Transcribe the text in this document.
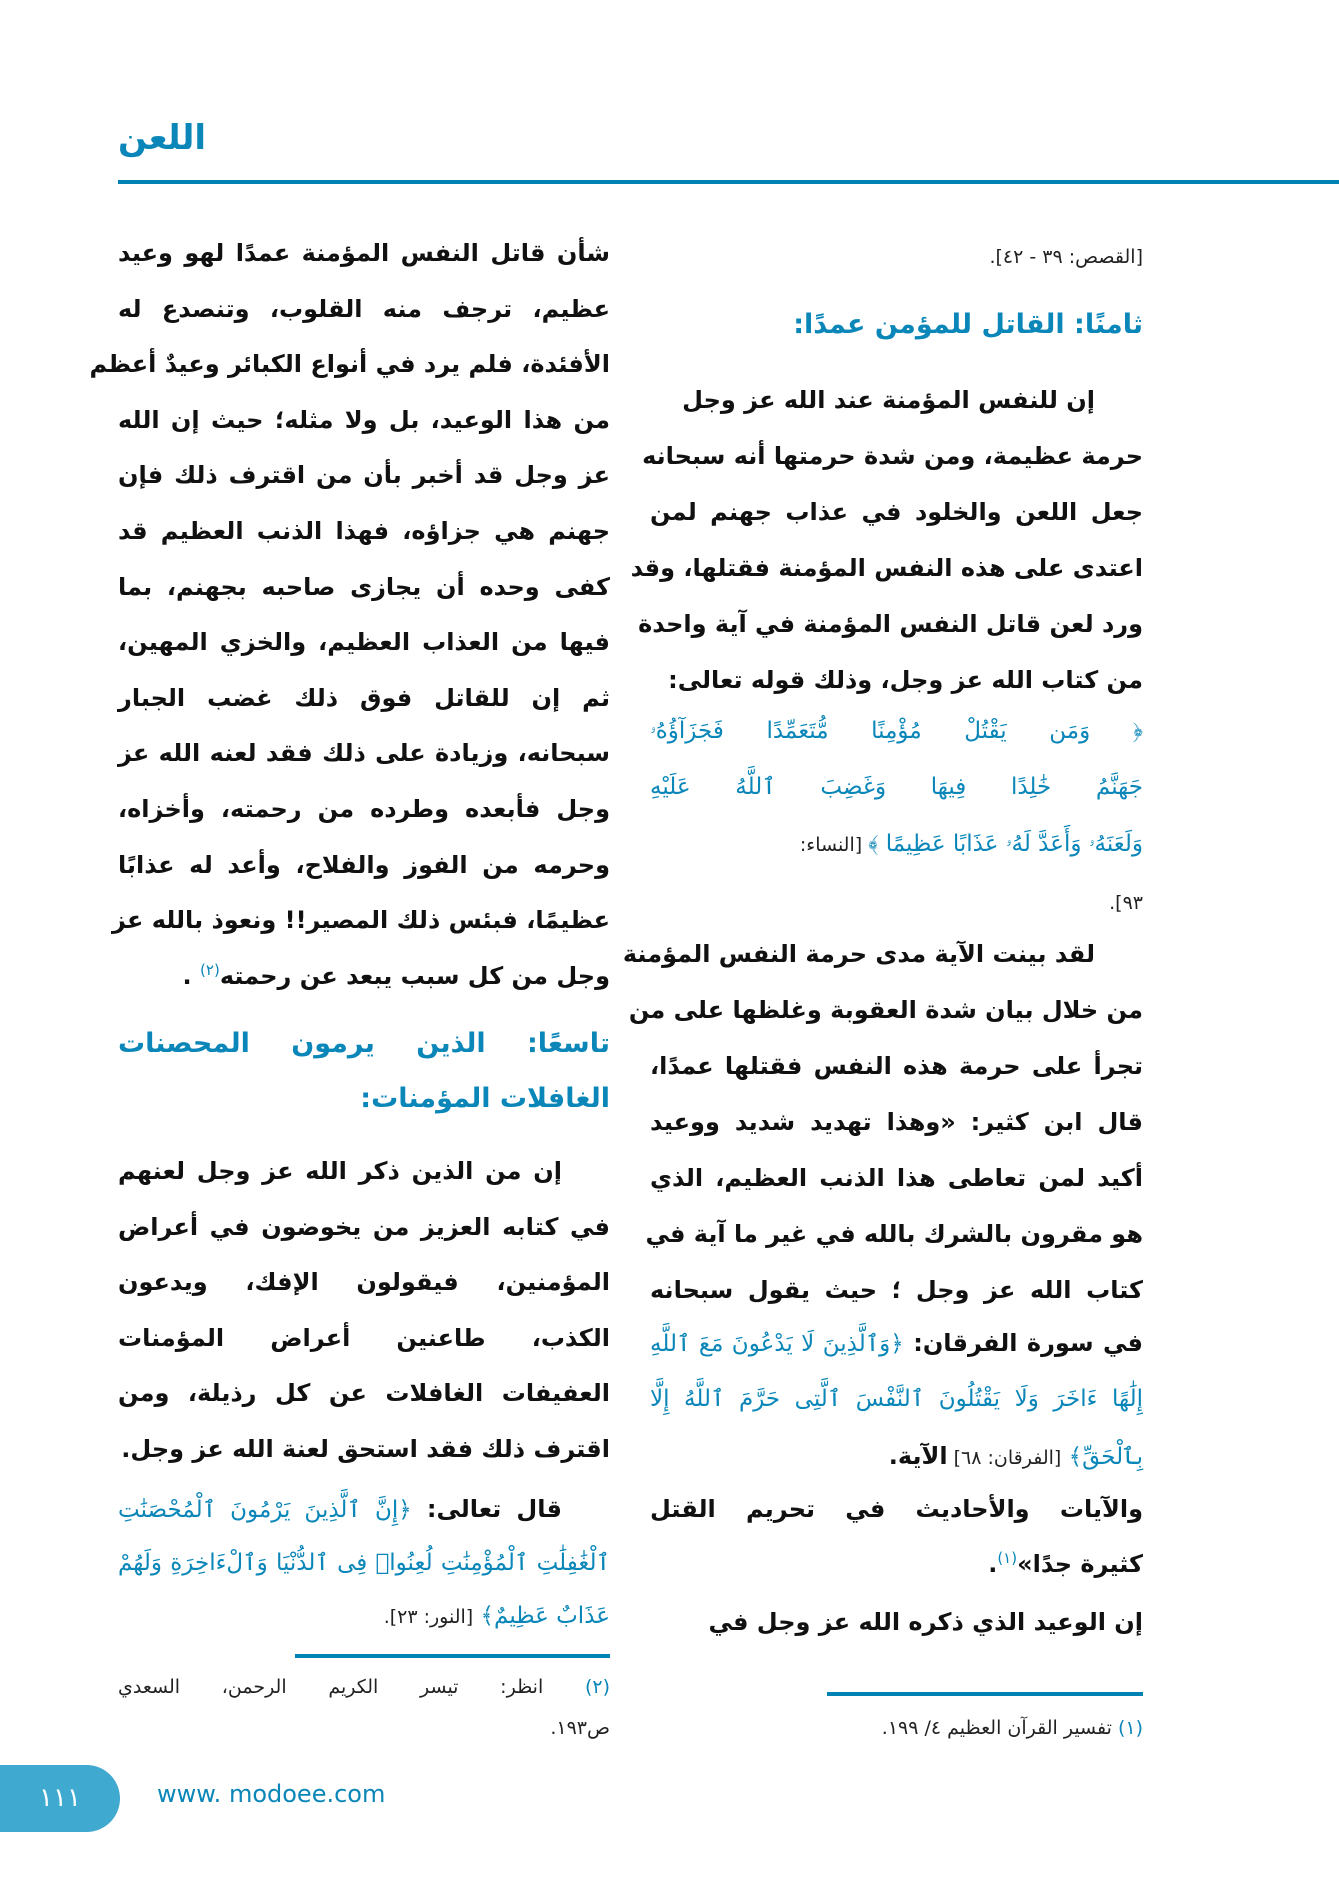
اللعن
[القصص: ٣٩ - ٤٢].
ثامنًا: القاتل للمؤمن عمدًا:
إن للنفس المؤمنة عند الله عز وجل
حرمة عظيمة، ومن شدة حرمتها أنه سبحانه
جعل اللعن والخلود في عذاب جهنم لمن
اعتدى على هذه النفس المؤمنة فقتلها، وقد
ورد لعن قاتل النفس المؤمنة في آية واحدة
من كتاب الله عز وجل، وذلك قوله تعالى:
﴿ وَمَن يَقْتُلْ مُؤْمِنًا مُّتَعَمِّدًا فَجَزَآؤُهُۥ
جَهَنَّمُ خَٰلِدًا فِيهَا وَغَضِبَ ٱللَّهُ عَلَيْهِ
وَلَعَنَهُۥ وَأَعَدَّ لَهُۥ عَذَابًا عَظِيمًا ﴾ [النساء:
٩٣].
لقد بينت الآية مدى حرمة النفس المؤمنة
من خلال بيان شدة العقوبة وغلظها على من
تجرأ على حرمة هذه النفس فقتلها عمدًا،
قال ابن كثير: «وهذا تهديد شديد ووعيد
أكيد لمن تعاطى هذا الذنب العظيم، الذي
هو مقرون بالشرك بالله في غير ما آية في
كتاب الله عز وجل ؛ حيث يقول سبحانه
في سورة الفرقان: ﴿وَٱلَّذِينَ لَا يَدْعُونَ مَعَ ٱللَّهِ
إِلَٰهًا ءَاخَرَ وَلَا يَقْتُلُونَ ٱلنَّفْسَ ٱلَّتِى حَرَّمَ ٱللَّهُ إِلَّا
بِٱلْحَقِّ﴾ [الفرقان: ٦٨] الآية.
والآيات والأحاديث في تحريم القتل
كثيرة جدًا»$^{(١)}$.
إن الوعيد الذي ذكره الله عز وجل في
(١) تفسير القرآن العظيم ٤/ ١٩٩.
شأن قاتل النفس المؤمنة عمدًا لهو وعيد
عظيم، ترجف منه القلوب، وتنصدع له
الأفئدة، فلم يرد في أنواع الكبائر وعيدٌ أعظم
من هذا الوعيد، بل ولا مثله؛ حيث إن الله
عز وجل قد أخبر بأن من اقترف ذلك فإن
جهنم هي جزاؤه، فهذا الذنب العظيم قد
كفى وحده أن يجازى صاحبه بجهنم، بما
فيها من العذاب العظيم، والخزي المهين،
ثم إن للقاتل فوق ذلك غضب الجبار
سبحانه، وزيادة على ذلك فقد لعنه الله عز
وجل فأبعده وطرده من رحمته، وأخزاه،
وحرمه من الفوز والفلاح، وأعد له عذابًا
عظيمًا، فبئس ذلك المصير!! ونعوذ بالله عز
وجل من كل سبب يبعد عن رحمته$^{(٢)}$ .
تاسعًا: الذين يرمون المحصنات
الغافلات المؤمنات:
إن من الذين ذكر الله عز وجل لعنهم
في كتابه العزيز من يخوضون في أعراض
المؤمنين، فيقولون الإفك، ويدعون
الكذب، طاعنين أعراض المؤمنات
العفيفات الغافلات عن كل رذيلة، ومن
اقترف ذلك فقد استحق لعنة الله عز وجل.
قال تعالى: ﴿إِنَّ ٱلَّذِينَ يَرْمُونَ ٱلْمُحْصَنَٰتِ
ٱلْغَٰفِلَٰتِ ٱلْمُؤْمِنَٰتِ لُعِنُوا۟ فِى ٱلدُّنْيَا وَٱلْءَاخِرَةِ وَلَهُمْ
عَذَابٌ عَظِيمٌ﴾ [النور: ٢٣].
(٢) انظر: تيسر الكريم الرحمن، السعدي
ص١٩٣.
١١١	www. modoee.com
